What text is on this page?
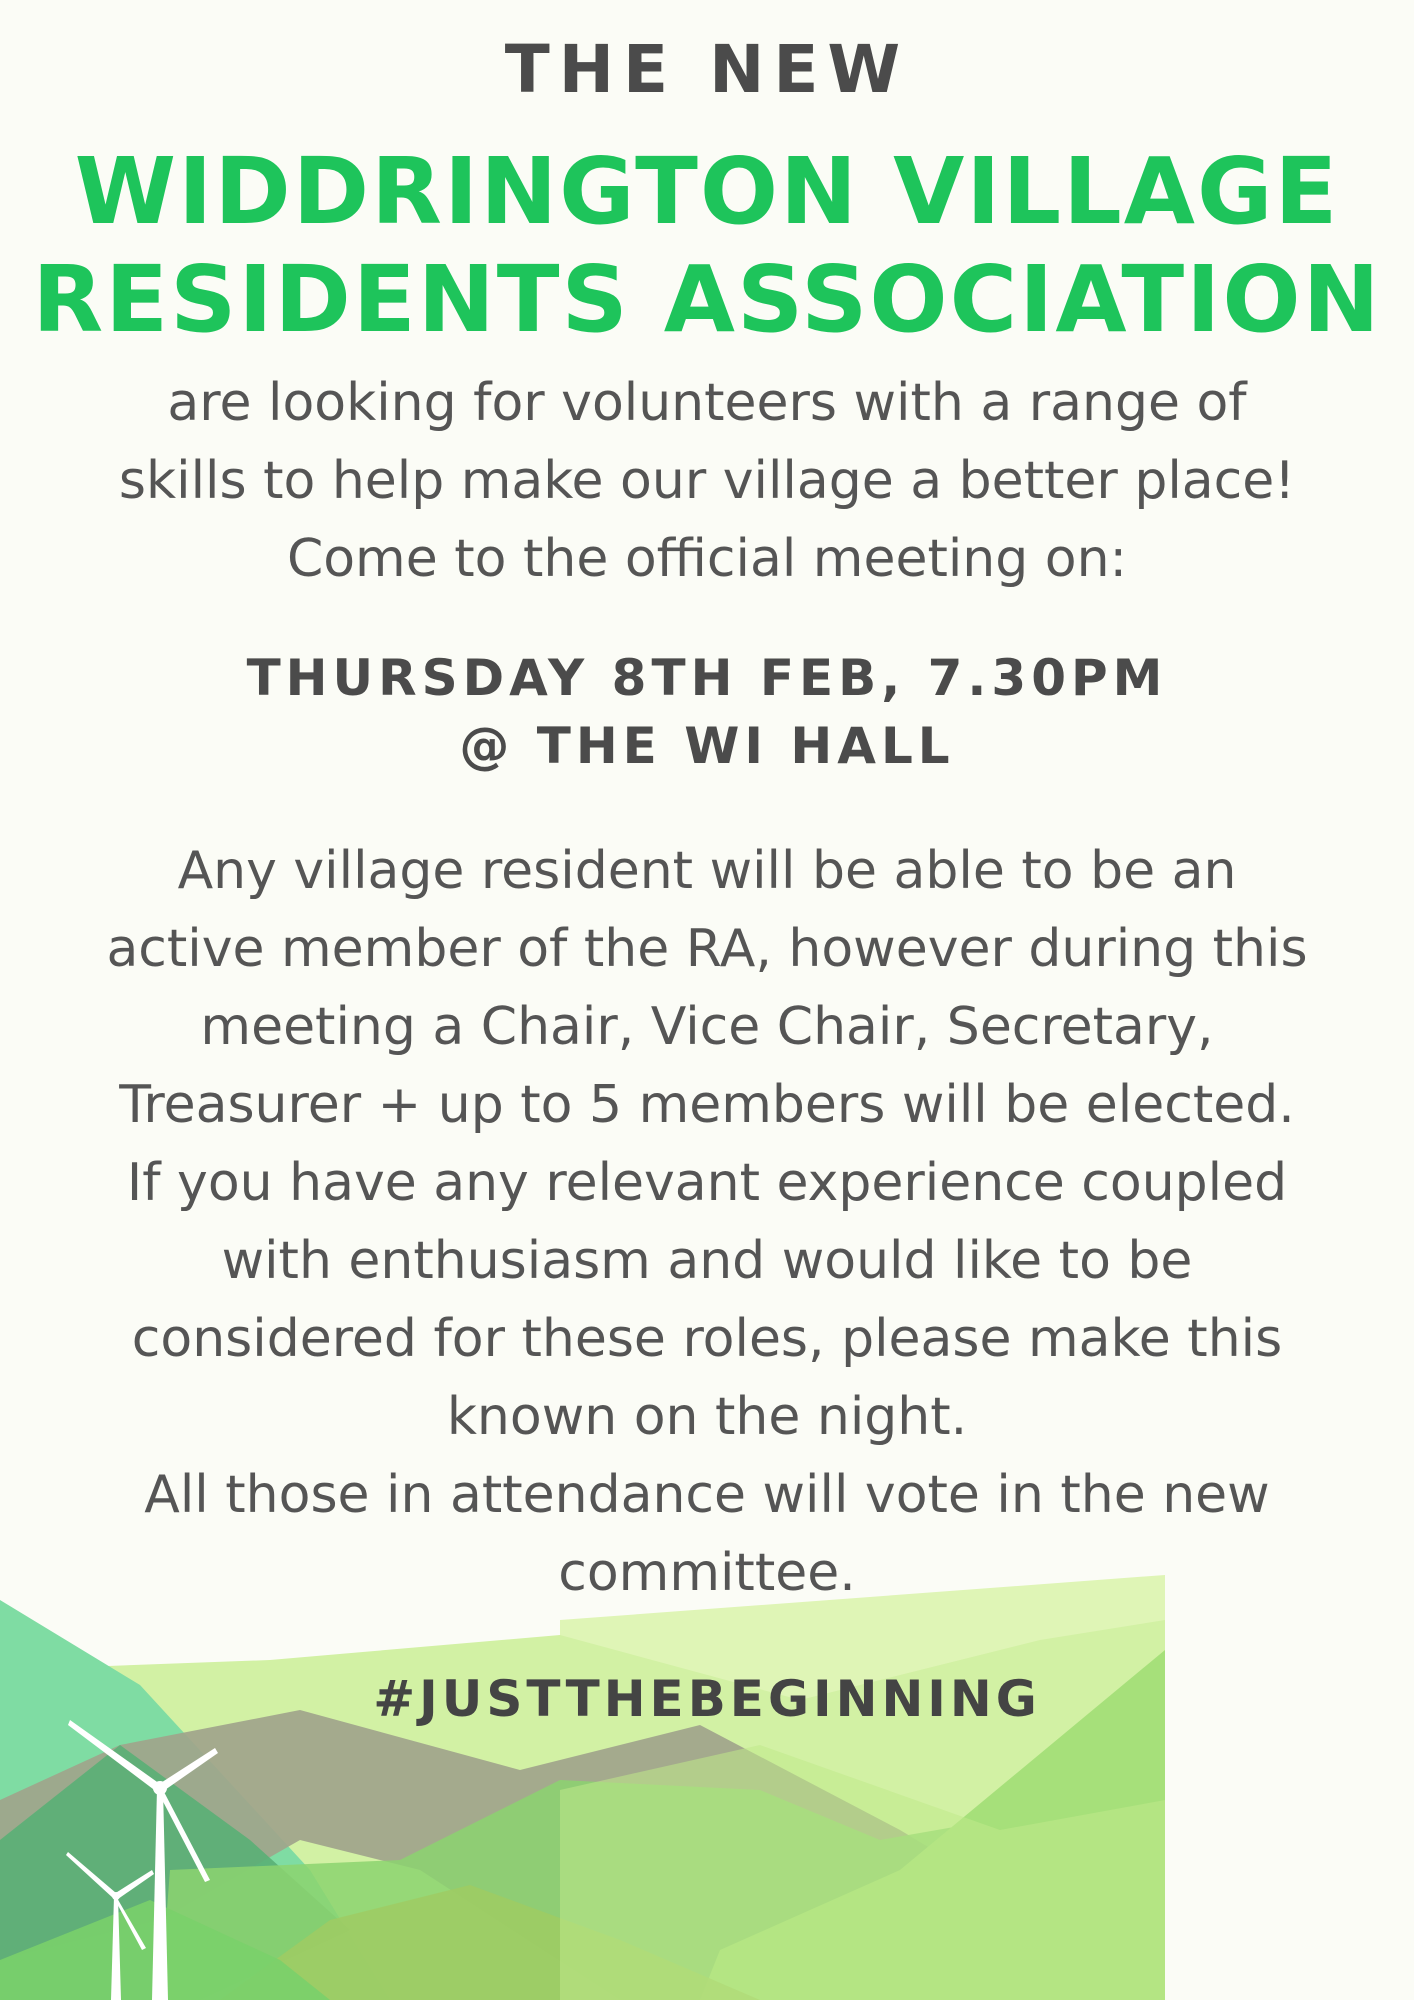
THE NEW
WIDDRINGTON VILLAGE
RESIDENTS ASSOCIATION

are looking for volunteers with a range of
skills to help make our village a better place!
Come to the official meeting on:

THURSDAY 8TH FEB, 7.30PM
@ THE WI HALL

Any village resident will be able to be an
active member of the RA, however during this
meeting a Chair, Vice Chair, Secretary,
Treasurer + up to 5 members will be elected.
If you have any relevant experience coupled
with enthusiasm and would like to be
considered for these roles, please make this
known on the night.
All those in attendance will vote in the new
committee.

#JUSTTHEBEGINNING
